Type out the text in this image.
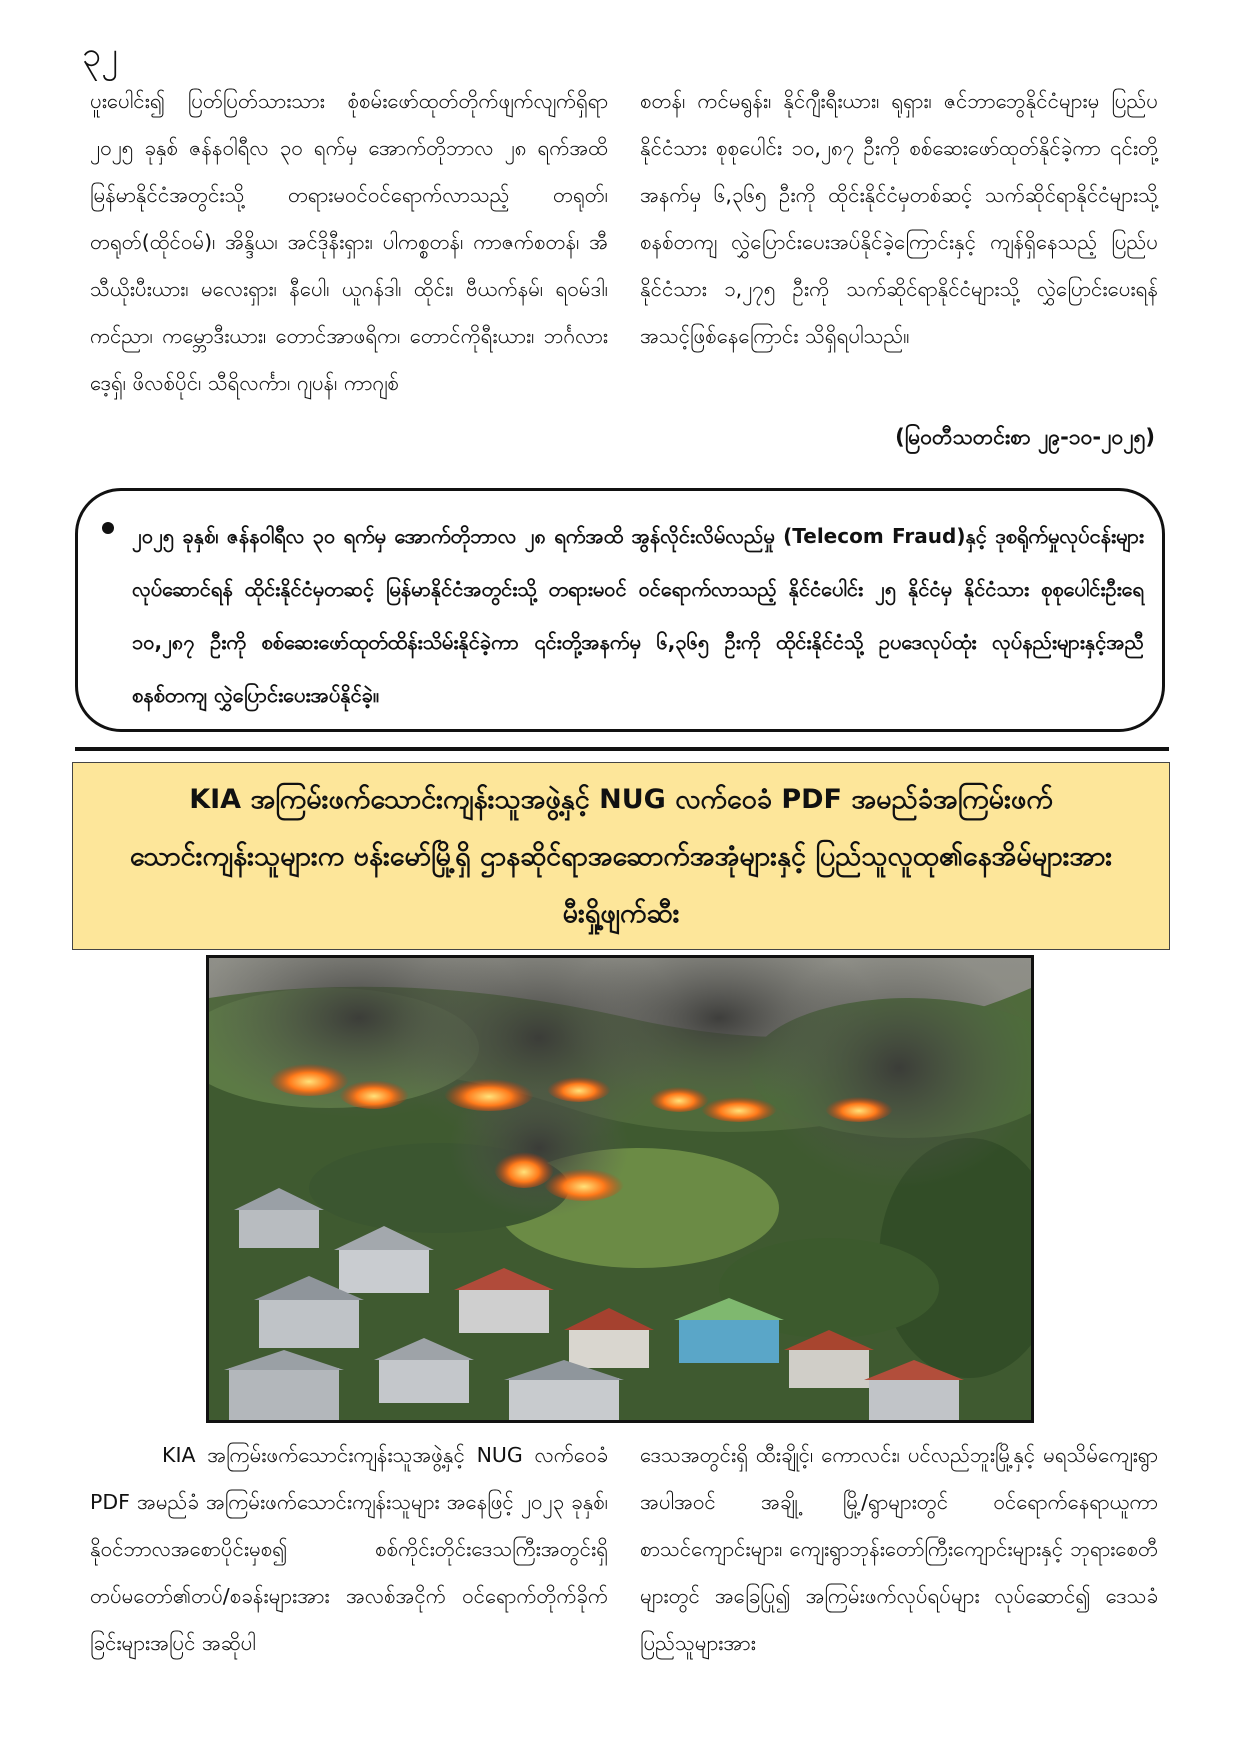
၃၂

ပူးပေါင်း၍ ပြတ်ပြတ်သားသား စုံစမ်းဖော်ထုတ်တိုက်ဖျက်လျက်ရှိရာ ၂၀၂၅ ခုနှစ် ဇန်နဝါရီလ ၃၀ ရက်မှ အောက်တိုဘာလ ၂၈ ရက်အထိ မြန်မာနိုင်ငံအတွင်းသို့ တရားမဝင်ဝင်ရောက်လာသည့် တရုတ်၊ တရုတ်(ထိုင်ဝမ်)၊ အိန္ဒိယ၊ အင်ဒိုနီးရှား၊ ပါကစ္စတန်၊ ကာဇက်စတန်၊ အီသီယိုးပီးယား၊ မလေးရှား၊ နီပေါ၊ ယူဂန်ဒါ၊ ထိုင်း၊ ဗီယက်နမ်၊ ရဝမ်ဒါ၊ ကင်ညာ၊ ကမ္ဘောဒီးယား၊ တောင်အာဖရိက၊ တောင်ကိုရီးယား၊ ဘင်္ဂလားဒေ့ရှ်၊ ဖိလစ်ပိုင်၊ သီရိလင်္ကာ၊ ဂျပန်၊ ကာဂျစ်

စတန်၊ ကင်မရွန်း၊ နိုင်ဂျီးရီးယား၊ ရုရှား၊ ဇင်ဘာဘွေနိုင်ငံများမှ ပြည်ပနိုင်ငံသား စုစုပေါင်း ၁၀,၂၈၇ ဦးကို စစ်ဆေးဖော်ထုတ်နိုင်ခဲ့ကာ ၎င်းတို့အနက်မှ ၆,၃၆၅ ဦးကို ထိုင်းနိုင်ငံမှတစ်ဆင့် သက်ဆိုင်ရာနိုင်ငံများသို့ စနစ်တကျ လွှဲပြောင်းပေးအပ်နိုင်ခဲ့ကြောင်းနှင့် ကျန်ရှိနေသည့် ပြည်ပနိုင်ငံသား ၁,၂၇၅ ဦးကို သက်ဆိုင်ရာနိုင်ငံများသို့ လွှဲပြောင်းပေးရန် အသင့်ဖြစ်နေကြောင်း သိရှိရပါသည်။

(မြဝတီသတင်းစာ ၂၉-၁၀-၂၀၂၅)
၂၀၂၅ ခုနှစ်၊ ဇန်နဝါရီလ ၃၀ ရက်မှ အောက်တိုဘာလ ၂၈ ရက်အထိ အွန်လိုင်းလိမ်လည်မှု (Telecom Fraud)နှင့် ဒုစရိုက်မှုလုပ်ငန်းများလုပ်ဆောင်ရန် ထိုင်းနိုင်ငံမှတဆင့် မြန်မာနိုင်ငံအတွင်းသို့ တရားမဝင် ဝင်ရောက်လာသည့် နိုင်ငံပေါင်း ၂၅ နိုင်ငံမှ နိုင်ငံသား စုစုပေါင်းဦးရေ ၁၀,၂၈၇ ဦးကို စစ်ဆေးဖော်ထုတ်ထိန်းသိမ်းနိုင်ခဲ့ကာ ၎င်းတို့အနက်မှ ၆,၃၆၅ ဦးကို ထိုင်းနိုင်ငံသို့ ဥပဒေလုပ်ထုံး လုပ်နည်းများနှင့်အညီ စနစ်တကျ လွှဲပြောင်းပေးအပ်နိုင်ခဲ့။
KIA အကြမ်းဖက်သောင်းကျန်းသူအဖွဲ့နှင့် NUG လက်ဝေခံ PDF အမည်ခံအကြမ်းဖက်သောင်းကျန်းသူများက ဗန်းမော်မြို့ရှိ ဌာနဆိုင်ရာအဆောက်အအုံများနှင့် ပြည်သူလူထု၏နေအိမ်များအား မီးရှို့ဖျက်ဆီး

KIA အကြမ်းဖက်သောင်းကျန်းသူအဖွဲ့နှင့် NUG လက်ဝေခံ PDF အမည်ခံ အကြမ်းဖက်သောင်းကျန်းသူများ အနေဖြင့် ၂၀၂၃ ခုနှစ်၊ နိုဝင်ဘာလအစောပိုင်းမှစ၍ စစ်ကိုင်းတိုင်းဒေသကြီးအတွင်းရှိ တပ်မတော်၏တပ်/စခန်းများအား အလစ်အငိုက် ဝင်ရောက်တိုက်ခိုက်ခြင်းများအပြင် အဆိုပါ

ဒေသအတွင်းရှိ ထီးချိုင့်၊ ကောလင်း၊ ပင်လည်ဘူးမြို့နှင့် မရသိမ်ကျေးရွာအပါအဝင် အချို့ မြို့/ရွာများတွင် ဝင်ရောက်နေရာယူကာ စာသင်ကျောင်းများ၊ ကျေးရွာဘုန်းတော်ကြီးကျောင်းများနှင့် ဘုရားစေတီများတွင် အခြေပြု၍ အကြမ်းဖက်လုပ်ရပ်များ လုပ်ဆောင်၍ ဒေသခံပြည်သူများအား
